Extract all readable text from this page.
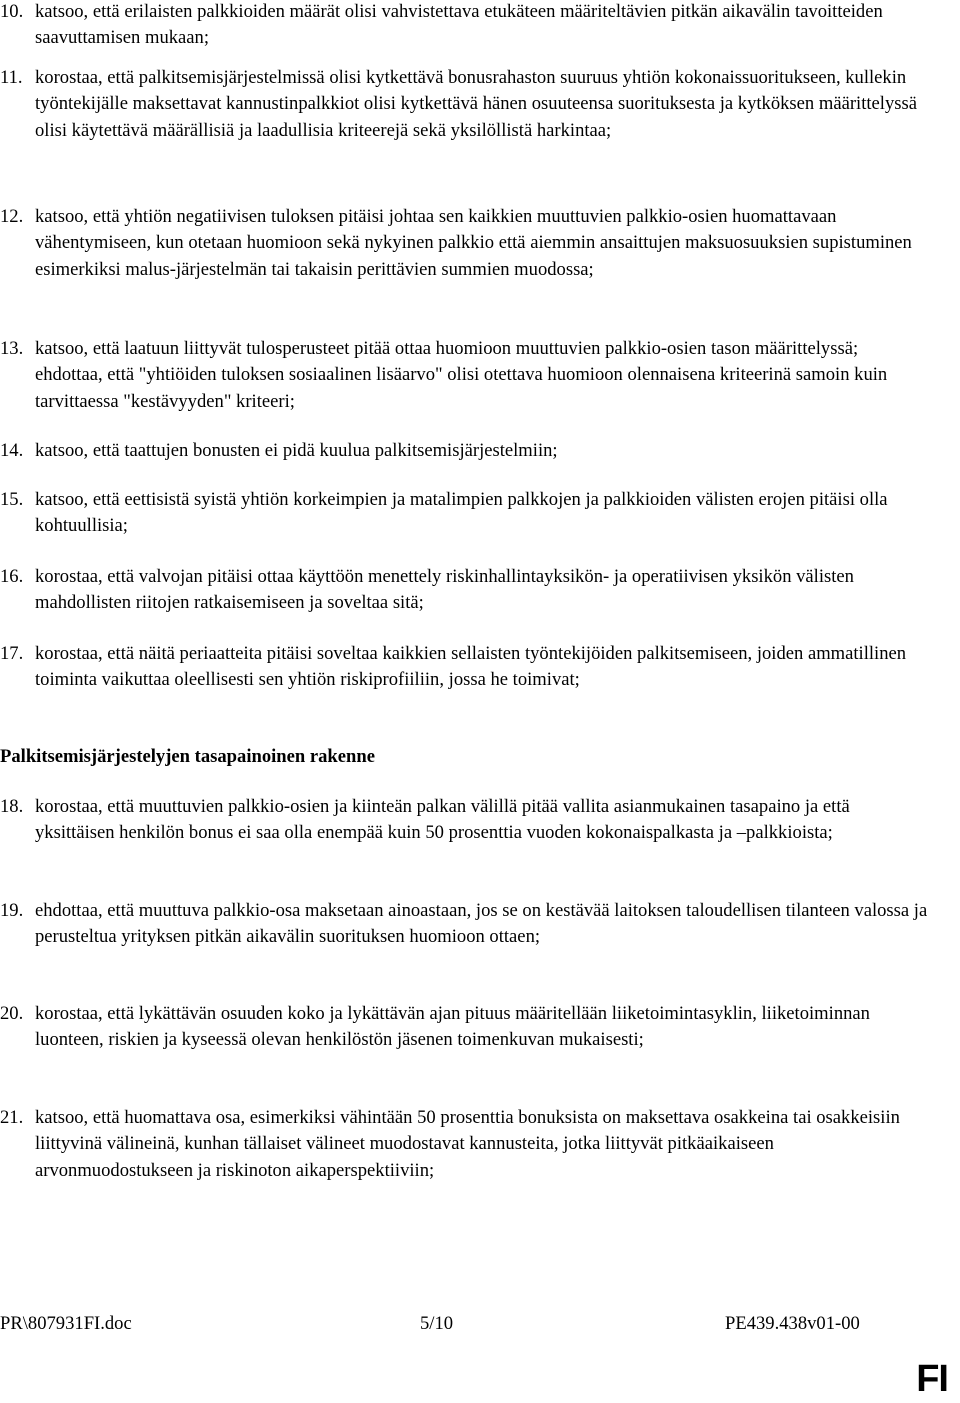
10. katsoo, että erilaisten palkkioiden määrät olisi vahvistettava etukäteen määriteltävien pitkän aikavälin tavoitteiden saavuttamisen mukaan;
11. korostaa, että palkitsemisjärjestelmissä olisi kytkettävä bonusrahaston suuruus yhtiön kokonaissuoritukseen, kullekin työntekijälle maksettavat kannustinpalkkiot olisi kytkettävä hänen osuuteensa suorituksesta ja kytköksen määrittelyssä olisi käytettävä määrällisiä ja laadullisia kriteerejä sekä yksilöllistä harkintaa;
12. katsoo, että yhtiön negatiivisen tuloksen pitäisi johtaa sen kaikkien muuttuvien palkkio-osien huomattavaan vähentymiseen, kun otetaan huomioon sekä nykyinen palkkio että aiemmin ansaittujen maksuosuuksien supistuminen esimerkiksi malus-järjestelmän tai takaisin perittävien summien muodossa;
13. katsoo, että laatuun liittyvät tulosperusteet pitää ottaa huomioon muuttuvien palkkio-osien tason määrittelyssä; ehdottaa, että "yhtiöiden tuloksen sosiaalinen lisäarvo" olisi otettava huomioon olennaisena kriteerinä samoin kuin tarvittaessa "kestävyyden" kriteeri;
14. katsoo, että taattujen bonusten ei pidä kuulua palkitsemisjärjestelmiin;
15. katsoo, että eettisistä syistä yhtiön korkeimpien ja matalimpien palkkojen ja palkkioiden välisten erojen pitäisi olla kohtuullisia;
16. korostaa, että valvojan pitäisi ottaa käyttöön menettely riskinhallintayksikön- ja operatiivisen yksikön välisten mahdollisten riitojen ratkaisemiseen ja soveltaa sitä;
17. korostaa, että näitä periaatteita pitäisi soveltaa kaikkien sellaisten työntekijöiden palkitsemiseen, joiden ammatillinen toiminta vaikuttaa oleellisesti sen yhtiön riskiprofiiliin, jossa he toimivat;
Palkitsemisjärjestelyjen tasapainoinen rakenne
18. korostaa, että muuttuvien palkkio-osien ja kiinteän palkan välillä pitää vallita asianmukainen tasapaino ja että yksittäisen henkilön bonus ei saa olla enempää kuin 50 prosenttia vuoden kokonaispalkasta ja –palkkioista;
19. ehdottaa, että muuttuva palkkio-osa maksetaan ainoastaan, jos se on kestävää laitoksen taloudellisen tilanteen valossa ja perusteltua yrityksen pitkän aikavälin suorituksen huomioon ottaen;
20. korostaa, että lykättävän osuuden koko ja lykättävän ajan pituus määritellään liiketoimintasyklin, liiketoiminnan luonteen, riskien ja kyseessä olevan henkilöstön jäsenen toimenkuvan mukaisesti;
21. katsoo, että huomattava osa, esimerkiksi vähintään 50 prosenttia bonuksista on maksettava osakkeina tai osakkeisiin liittyvinä välineinä, kunhan tällaiset välineet muodostavat kannusteita, jotka liittyvät pitkäaikaiseen arvonmuodostukseen ja riskinoton aikaperspektiiviin;
PR\807931FI.doc	5/10	PE439.438v01-00
FI
